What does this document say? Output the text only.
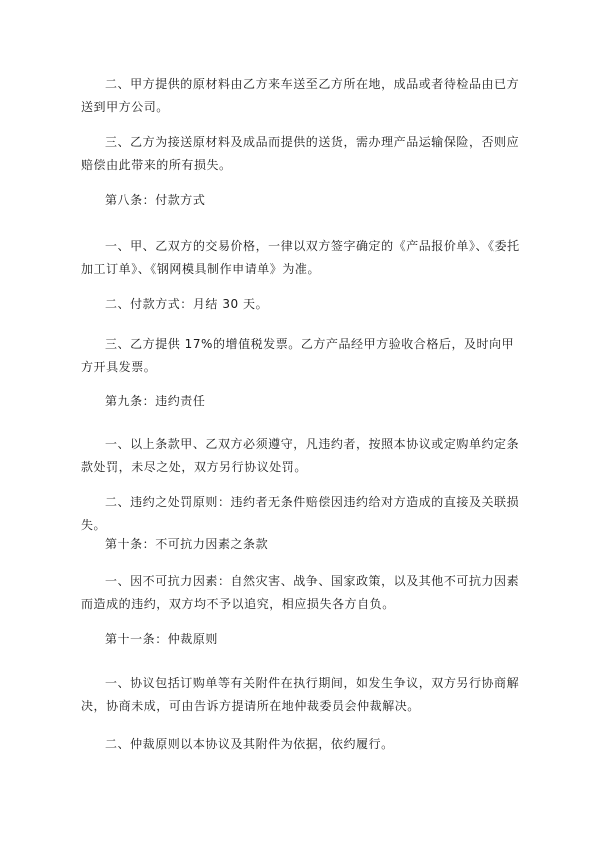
二、甲方提供的原材料由乙方来车送至乙方所在地，成品或者待检品由已方送到甲方公司。

三、乙方为接送原材料及成品而提供的送货，需办理产品运输保险，否则应赔偿由此带来的所有损失。

第八条：付款方式

一、甲、乙双方的交易价格，一律以双方签字确定的《产品报价单》、《委托加工订单》、《钢网模具制作申请单》为准。

二、付款方式：月结 30 天。

三、乙方提供 17%的增值税发票。乙方产品经甲方验收合格后，及时向甲方开具发票。

第九条：违约责任

一、以上条款甲、乙双方必须遵守，凡违约者，按照本协议或定购单约定条款处罚，未尽之处，双方另行协议处罚。

二、违约之处罚原则：违约者无条件赔偿因违约给对方造成的直接及关联损失。

第十条：不可抗力因素之条款

一、因不可抗力因素：自然灾害、战争、国家政策，以及其他不可抗力因素而造成的违约，双方均不予以追究，相应损失各方自负。

第十一条：仲裁原则

一、协议包括订购单等有关附件在执行期间，如发生争议，双方另行协商解决，协商未成，可由告诉方提请所在地仲裁委员会仲裁解决。

二、仲裁原则以本协议及其附件为依据，依约履行。
